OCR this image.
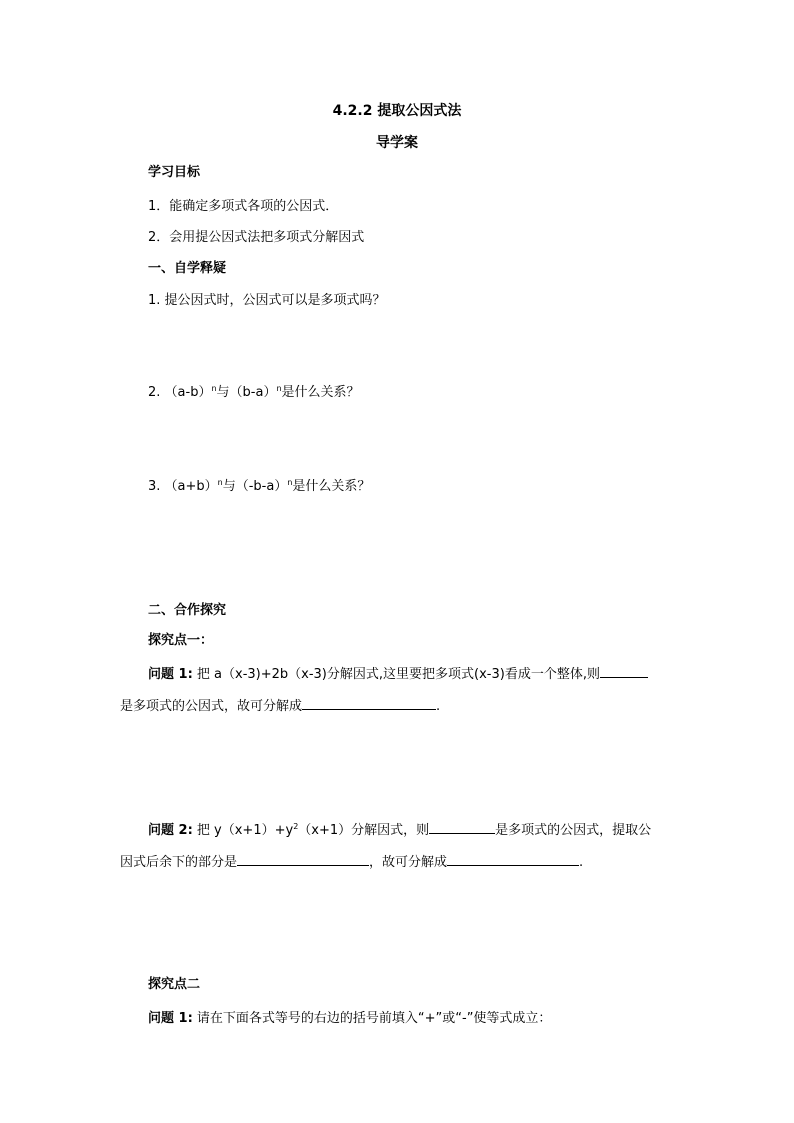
4.2.2 提取公因式法
导学案
学习目标
1．能确定多项式各项的公因式．
2．会用提公因式法把多项式分解因式
一、自学释疑
1. 提公因式时，公因式可以是多项式吗？
2. $(a-b)^n$与$(b-a)^n$是什么关系？
3. $(a+b)^n$与$(-b-a)^n$是什么关系？
二、合作探究
探究点一：
问题 1: 把 a（x-3)+2b（x-3)分解因式,这里要把多项式(x-3)看成一个整体,则
是多项式的公因式，故可分解成	.
问题 2: 把 $y(x+1)+y^2(x+1)$分解因式，则	是多项式的公因式，提取公
因式后余下的部分是	，故可分解成	.
探究点二
问题 1: 请在下面各式等号的右边的括号前填入“+”或“-”使等式成立：
